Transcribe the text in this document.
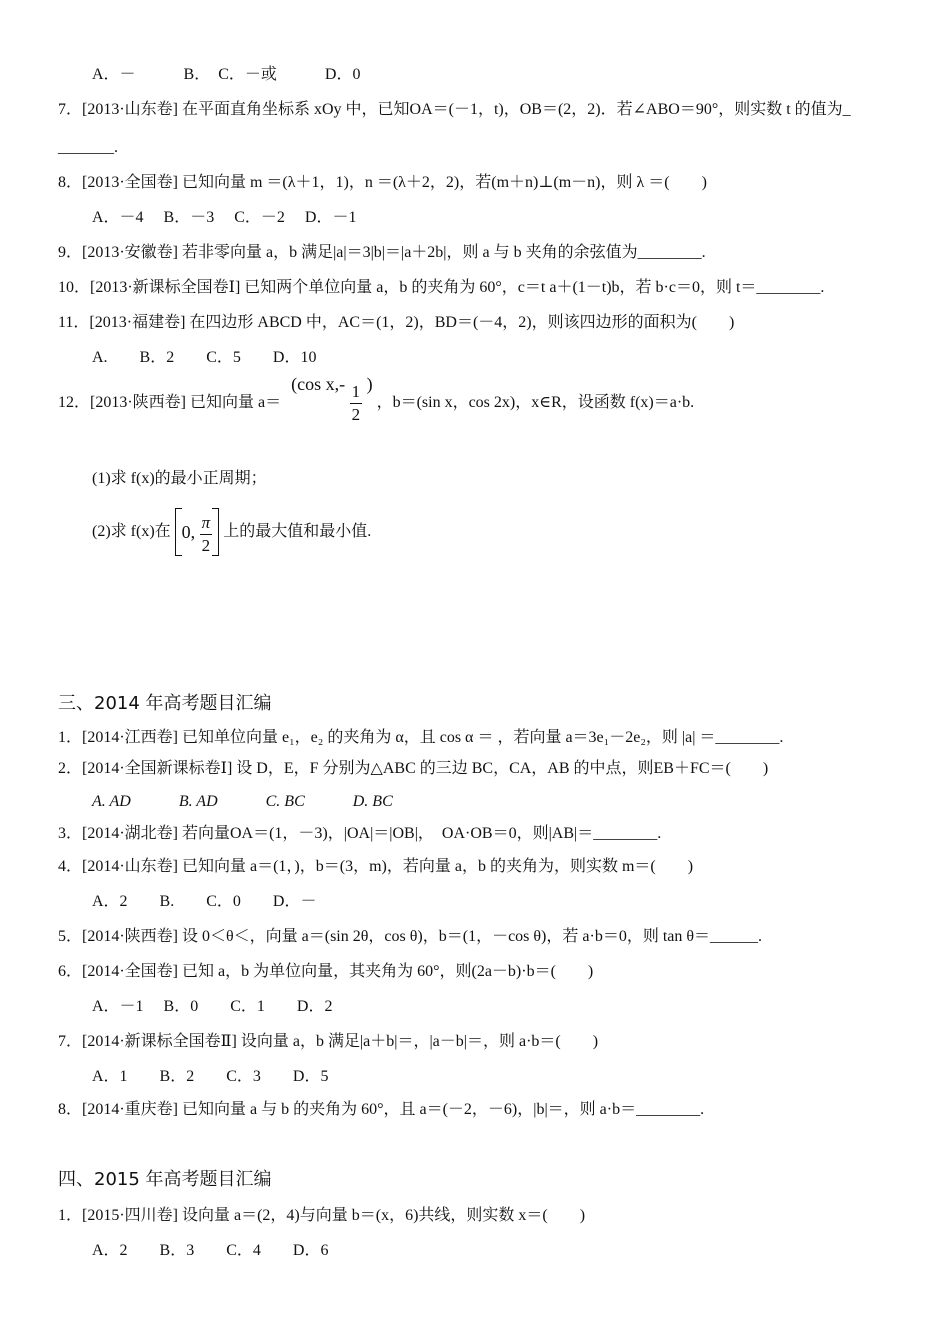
A．－　　　B．　C．－或　　　D．0
7．[2013·山东卷] 在平面直角坐标系 xOy 中，已知OA＝(－1，t)，OB＝(2，2)．若∠ABO＝90°，则实数 t 的值为_
_______.
8．[2013·全国卷] 已知向量 m ＝(λ＋1，1)，n ＝(λ＋2，2)，若(m＋n)⊥(m－n)，则 λ ＝(　　)
A．－4　 B．－3　 C．－2　 D．－1
9．[2013·安徽卷] 若非零向量 a，b 满足|a|＝3|b|＝|a＋2b|，则 a 与 b 夹角的余弦值为________.
10．[2013·新课标全国卷Ⅰ] 已知两个单位向量 a，b 的夹角为 60°，c＝t a＋(1－t)b，若 b·c＝0，则 t＝________.
11．[2013·福建卷] 在四边形 ABCD 中，AC＝(1，2)，BD＝(－4，2)，则该四边形的面积为(　　)
A.　　B．2　　C．5　　D．10
12．[2013·陕西卷] 已知向量 a＝ (cos $x,- \frac{1}{2}$ ) ，b＝(sin x，cos 2x)，x∈R，设函数 f(x)＝a·b.
(1)求 f(x)的最小正周期；
(2)求 f(x)在 0, $\frac{\pi}{2}$ 上的最大值和最小值.
三、2014 年高考题目汇编
1．[2014·江西卷] 已知单位向量 e₁，e₂ 的夹角为 α，且 cos α ＝ ，若向量 a＝3e₁－2e₂，则 |a| ＝________.
2．[2014·全国新课标卷Ⅰ] 设 D，E，F 分别为△ABC 的三边 BC，CA，AB 的中点，则EB＋FC＝(　　)
A. AD　　　B. AD　　　C. BC　　　D. BC
3．[2014·湖北卷] 若向量OA＝(1，－3)，|OA|＝|OB|，　OA·OB＝0，则|AB|＝________.
4．[2014·山东卷] 已知向量 a＝(1，)，b＝(3，m)，若向量 a，b 的夹角为，则实数 m＝(　　)
A．2　　B.　　C．0　　D．－
5．[2014·陕西卷] 设 0＜θ＜，向量 a＝(sin 2θ，cos θ)，b＝(1，－cos θ)，若 a·b＝0，则 tan θ＝______.
6．[2014·全国卷] 已知 a，b 为单位向量，其夹角为 60°，则(2a－b)·b＝(　　)
A．－1　 B．0　　C．1　　D．2
7．[2014·新课标全国卷Ⅱ] 设向量 a，b 满足|a＋b|＝，|a－b|＝，则 a·b＝(　　)
A．1　　B．2　　C．3　　D．5
8．[2014·重庆卷] 已知向量 a 与 b 的夹角为 60°，且 a＝(－2，－6)，|b|＝，则 a·b＝________.
四、2015 年高考题目汇编
1．[2015·四川卷] 设向量 a＝(2，4)与向量 b＝(x，6)共线，则实数 x＝(　　)
A．2　　B．3　　C．4　　D．6
